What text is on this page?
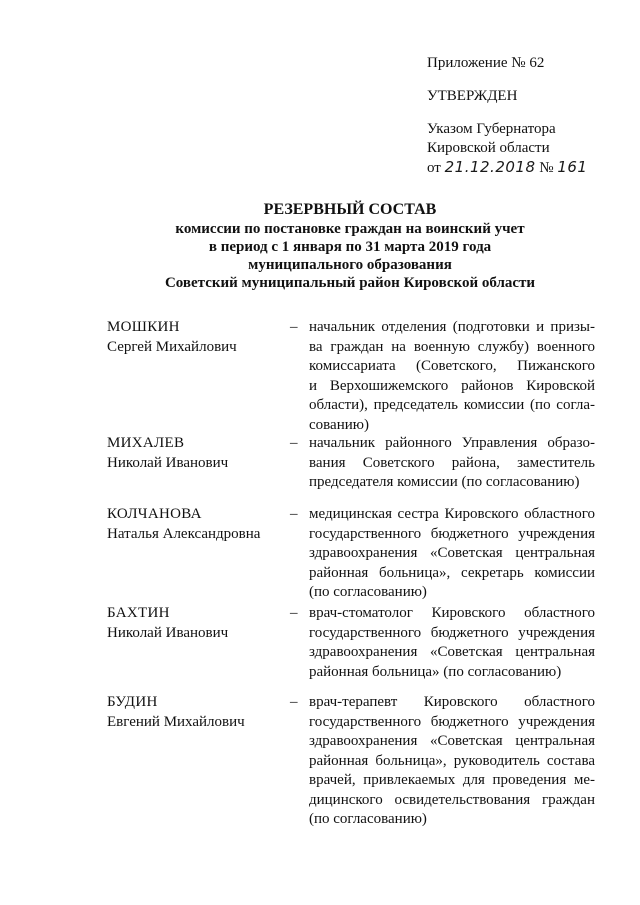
Приложение № 62
УТВЕРЖДЕН
Указом Губернатора
Кировской области
от 21.12.2018 № 161
РЕЗЕРВНЫЙ СОСТАВ
комиссии по постановке граждан на воинский учет
в период с 1 января по 31 марта 2019 года
муниципального образования
Советский муниципальный район Кировской области
МОШКИН
Сергей Михайлович
– начальник отделения (подготовки и призы-
ва граждан на военную службу) военного
комиссариата (Советского, Пижанского
и Верхошижемского районов Кировской
области), председатель комиссии (по согла-
сованию)
МИХАЛЕВ
Николай Иванович
– начальник районного Управления образо-
вания Советского района, заместитель
председателя комиссии (по согласованию)
КОЛЧАНОВА
Наталья Александровна
– медицинская сестра Кировского областного
государственного бюджетного учреждения
здравоохранения «Советская центральная
районная больница», секретарь комиссии
(по согласованию)
БАХТИН
Николай Иванович
– врач-стоматолог Кировского областного
государственного бюджетного учреждения
здравоохранения «Советская центральная
районная больница» (по согласованию)
БУДИН
Евгений Михайлович
– врач-терапевт Кировского областного
государственного бюджетного учреждения
здравоохранения «Советская центральная
районная больница», руководитель состава
врачей, привлекаемых для проведения ме-
дицинского освидетельствования граждан
(по согласованию)
